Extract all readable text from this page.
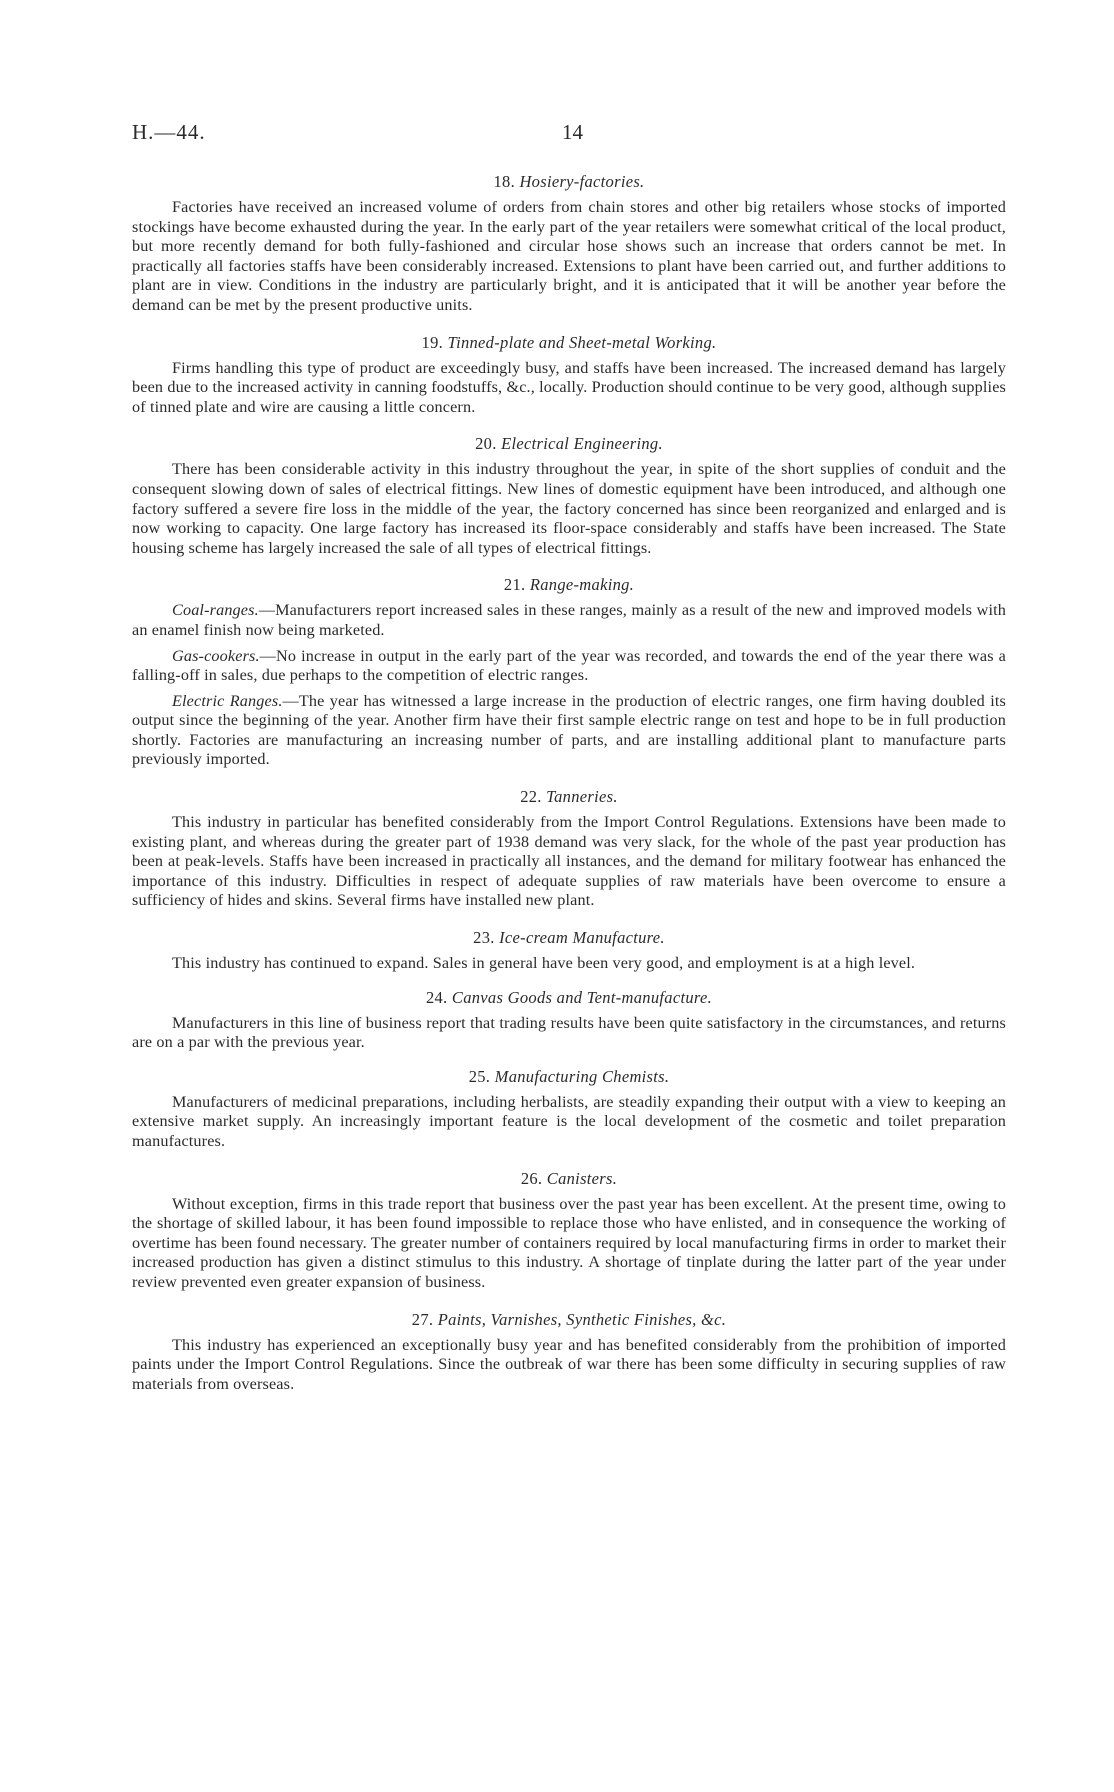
H.—44.	14
18. Hosiery-factories.

Factories have received an increased volume of orders from chain stores and other big retailers whose stocks of imported stockings have become exhausted during the year. In the early part of the year retailers were somewhat critical of the local product, but more recently demand for both fully-fashioned and circular hose shows such an increase that orders cannot be met. In practically all factories staffs have been considerably increased. Extensions to plant have been carried out, and further additions to plant are in view. Conditions in the industry are particularly bright, and it is anticipated that it will be another year before the demand can be met by the present productive units.

19. Tinned-plate and Sheet-metal Working.

Firms handling this type of product are exceedingly busy, and staffs have been increased. The increased demand has largely been due to the increased activity in canning foodstuffs, &c., locally. Production should continue to be very good, although supplies of tinned plate and wire are causing a little concern.

20. Electrical Engineering.

There has been considerable activity in this industry throughout the year, in spite of the short supplies of conduit and the consequent slowing down of sales of electrical fittings. New lines of domestic equipment have been introduced, and although one factory suffered a severe fire loss in the middle of the year, the factory concerned has since been reorganized and enlarged and is now working to capacity. One large factory has increased its floor-space considerably and staffs have been increased. The State housing scheme has largely increased the sale of all types of electrical fittings.

21. Range-making.

Coal-ranges.—Manufacturers report increased sales in these ranges, mainly as a result of the new and improved models with an enamel finish now being marketed.

Gas-cookers.—No increase in output in the early part of the year was recorded, and towards the end of the year there was a falling-off in sales, due perhaps to the competition of electric ranges.

Electric Ranges.—The year has witnessed a large increase in the production of electric ranges, one firm having doubled its output since the beginning of the year. Another firm have their first sample electric range on test and hope to be in full production shortly. Factories are manufacturing an increasing number of parts, and are installing additional plant to manufacture parts previously imported.

22. Tanneries.

This industry in particular has benefited considerably from the Import Control Regulations. Extensions have been made to existing plant, and whereas during the greater part of 1938 demand was very slack, for the whole of the past year production has been at peak-levels. Staffs have been increased in practically all instances, and the demand for military footwear has enhanced the importance of this industry. Difficulties in respect of adequate supplies of raw materials have been overcome to ensure a sufficiency of hides and skins. Several firms have installed new plant.

23. Ice-cream Manufacture.

This industry has continued to expand. Sales in general have been very good, and employment is at a high level.

24. Canvas Goods and Tent-manufacture.

Manufacturers in this line of business report that trading results have been quite satisfactory in the circumstances, and returns are on a par with the previous year.

25. Manufacturing Chemists.

Manufacturers of medicinal preparations, including herbalists, are steadily expanding their output with a view to keeping an extensive market supply. An increasingly important feature is the local development of the cosmetic and toilet preparation manufactures.

26. Canisters.

Without exception, firms in this trade report that business over the past year has been excellent. At the present time, owing to the shortage of skilled labour, it has been found impossible to replace those who have enlisted, and in consequence the working of overtime has been found necessary. The greater number of containers required by local manufacturing firms in order to market their increased production has given a distinct stimulus to this industry. A shortage of tinplate during the latter part of the year under review prevented even greater expansion of business.

27. Paints, Varnishes, Synthetic Finishes, &c.

This industry has experienced an exceptionally busy year and has benefited considerably from the prohibition of imported paints under the Import Control Regulations. Since the outbreak of war there has been some difficulty in securing supplies of raw materials from overseas.
